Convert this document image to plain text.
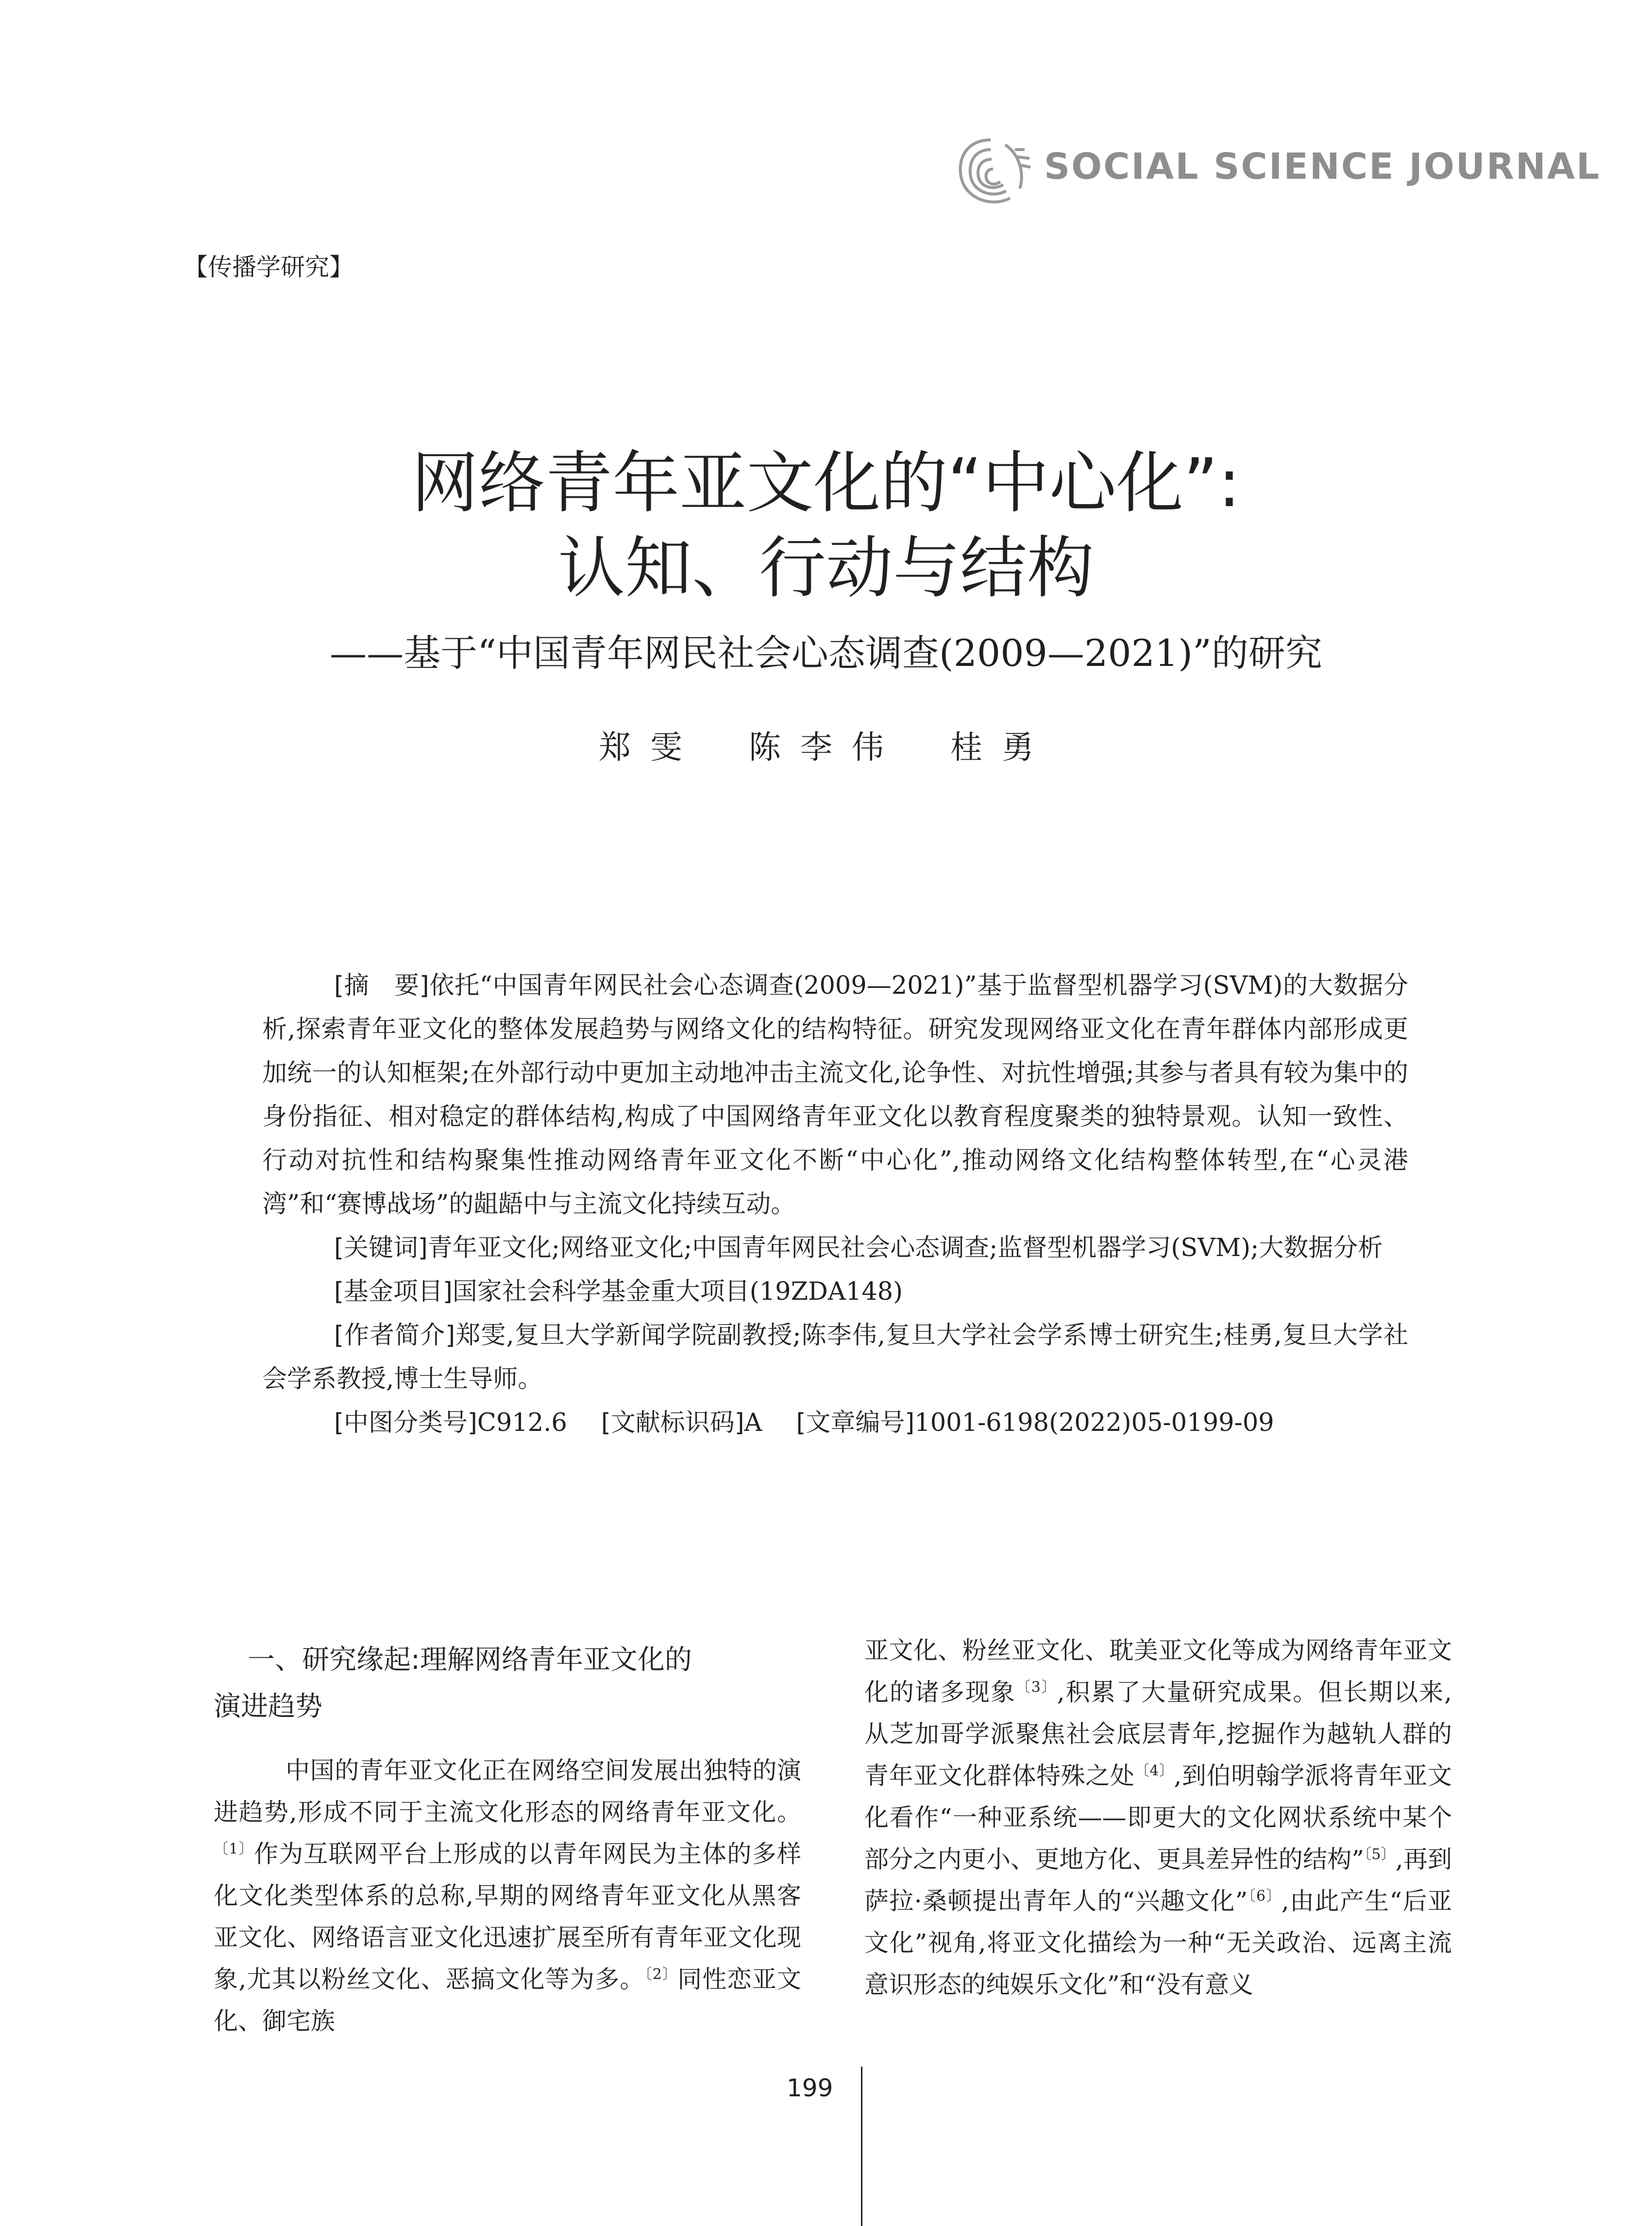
SOCIAL SCIENCE JOURNAL
【传播学研究】
网络青年亚文化的“中心化”:
认知、行动与结构
——基于“中国青年网民社会心态调查(2009—2021)”的研究
郑雯 陈李伟 桂勇

[摘　要]依托“中国青年网民社会心态调查(2009—2021)”基于监督型机器学习(SVM)的大数据分析,探索青年亚文化的整体发展趋势与网络文化的结构特征。研究发现网络亚文化在青年群体内部形成更加统一的认知框架;在外部行动中更加主动地冲击主流文化,论争性、对抗性增强;其参与者具有较为集中的身份指征、相对稳定的群体结构,构成了中国网络青年亚文化以教育程度聚类的独特景观。认知一致性、行动对抗性和结构聚集性推动网络青年亚文化不断“中心化”,推动网络文化结构整体转型,在“心灵港湾”和“赛博战场”的龃龉中与主流文化持续互动。

[关键词]青年亚文化;网络亚文化;中国青年网民社会心态调查;监督型机器学习(SVM);大数据分析

[基金项目]国家社会科学基金重大项目(19ZDA148)

[作者简介]郑雯,复旦大学新闻学院副教授;陈李伟,复旦大学社会学系博士研究生;桂勇,复旦大学社会学系教授,博士生导师。

[中图分类号]C912.6 [文献标识码]A [文章编号]1001-6198(2022)05-0199-09

一、研究缘起:理解网络青年亚文化的
演进趋势

中国的青年亚文化正在网络空间发展出独特的演进趋势,形成不同于主流文化形态的网络青年亚文化。$^{〔1〕}$作为互联网平台上形成的以青年网民为主体的多样化文化类型体系的总称,早期的网络青年亚文化从黑客亚文化、网络语言亚文化迅速扩展至所有青年亚文化现象,尤其以粉丝文化、恶搞文化等为多。$^{〔2〕}$同性恋亚文化、御宅族

亚文化、粉丝亚文化、耽美亚文化等成为网络青年亚文化的诸多现象$^{〔3〕}$,积累了大量研究成果。但长期以来,从芝加哥学派聚焦社会底层青年,挖掘作为越轨人群的青年亚文化群体特殊之处$^{〔4〕}$,到伯明翰学派将青年亚文化看作“一种亚系统——即更大的文化网状系统中某个部分之内更小、更地方化、更具差异性的结构”$^{〔5〕}$,再到萨拉·桑顿提出青年人的“兴趣文化”$^{〔6〕}$,由此产生“后亚文化”视角,将亚文化描绘为一种“无关政治、远离主流意识形态的纯娱乐文化”和“没有意义

199
